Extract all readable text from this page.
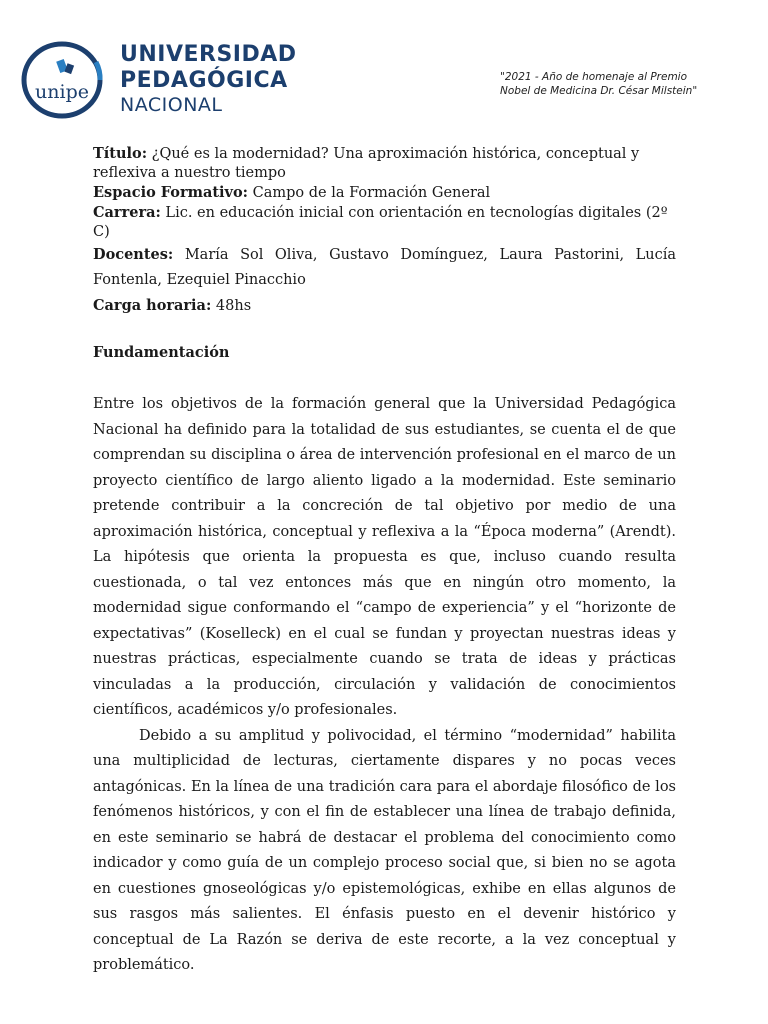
unipe
UNIVERSIDAD
PEDAGÓGICA
NACIONAL
"2021 - Año de homenaje al Premio
Nobel de Medicina Dr. César Milstein"
Título: ¿Qué es la modernidad? Una aproximación histórica, conceptual y reflexiva a nuestro tiempo
Espacio Formativo: Campo de la Formación General
Carrera: Lic. en educación inicial con orientación en tecnologías digitales (2º C)
Docentes: María Sol Oliva, Gustavo Domínguez, Laura Pastorini, Lucía Fontenla, Ezequiel Pinacchio
Carga horaria: 48hs
Fundamentación

Entre los objetivos de la formación general que la Universidad Pedagógica Nacional ha definido para la totalidad de sus estudiantes, se cuenta el de que comprendan su disciplina o área de intervención profesional en el marco de un proyecto científico de largo aliento ligado a la modernidad. Este seminario pretende contribuir a la concreción de tal objetivo por medio de una aproximación histórica, conceptual y reflexiva a la “Época moderna” (Arendt). La hipótesis que orienta la propuesta es que, incluso cuando resulta cuestionada, o tal vez entonces más que en ningún otro momento, la modernidad sigue conformando el “campo de experiencia” y el “horizonte de expectativas” (Koselleck) en el cual se fundan y proyectan nuestras ideas y nuestras prácticas, especialmente cuando se trata de ideas y prácticas vinculadas a la producción, circulación y validación de conocimientos científicos, académicos y/o profesionales.

Debido a su amplitud y polivocidad, el término “modernidad” habilita una multiplicidad de lecturas, ciertamente dispares y no pocas veces antagónicas. En la línea de una tradición cara para el abordaje filosófico de los fenómenos históricos, y con el fin de establecer una línea de trabajo definida, en este seminario se habrá de destacar el problema del conocimiento como indicador y como guía de un complejo proceso social que, si bien no se agota en cuestiones gnoseológicas y/o epistemológicas, exhibe en ellas algunos de sus rasgos más salientes. El énfasis puesto en el devenir histórico y conceptual de La Razón se deriva de este recorte, a la vez conceptual y problemático.
